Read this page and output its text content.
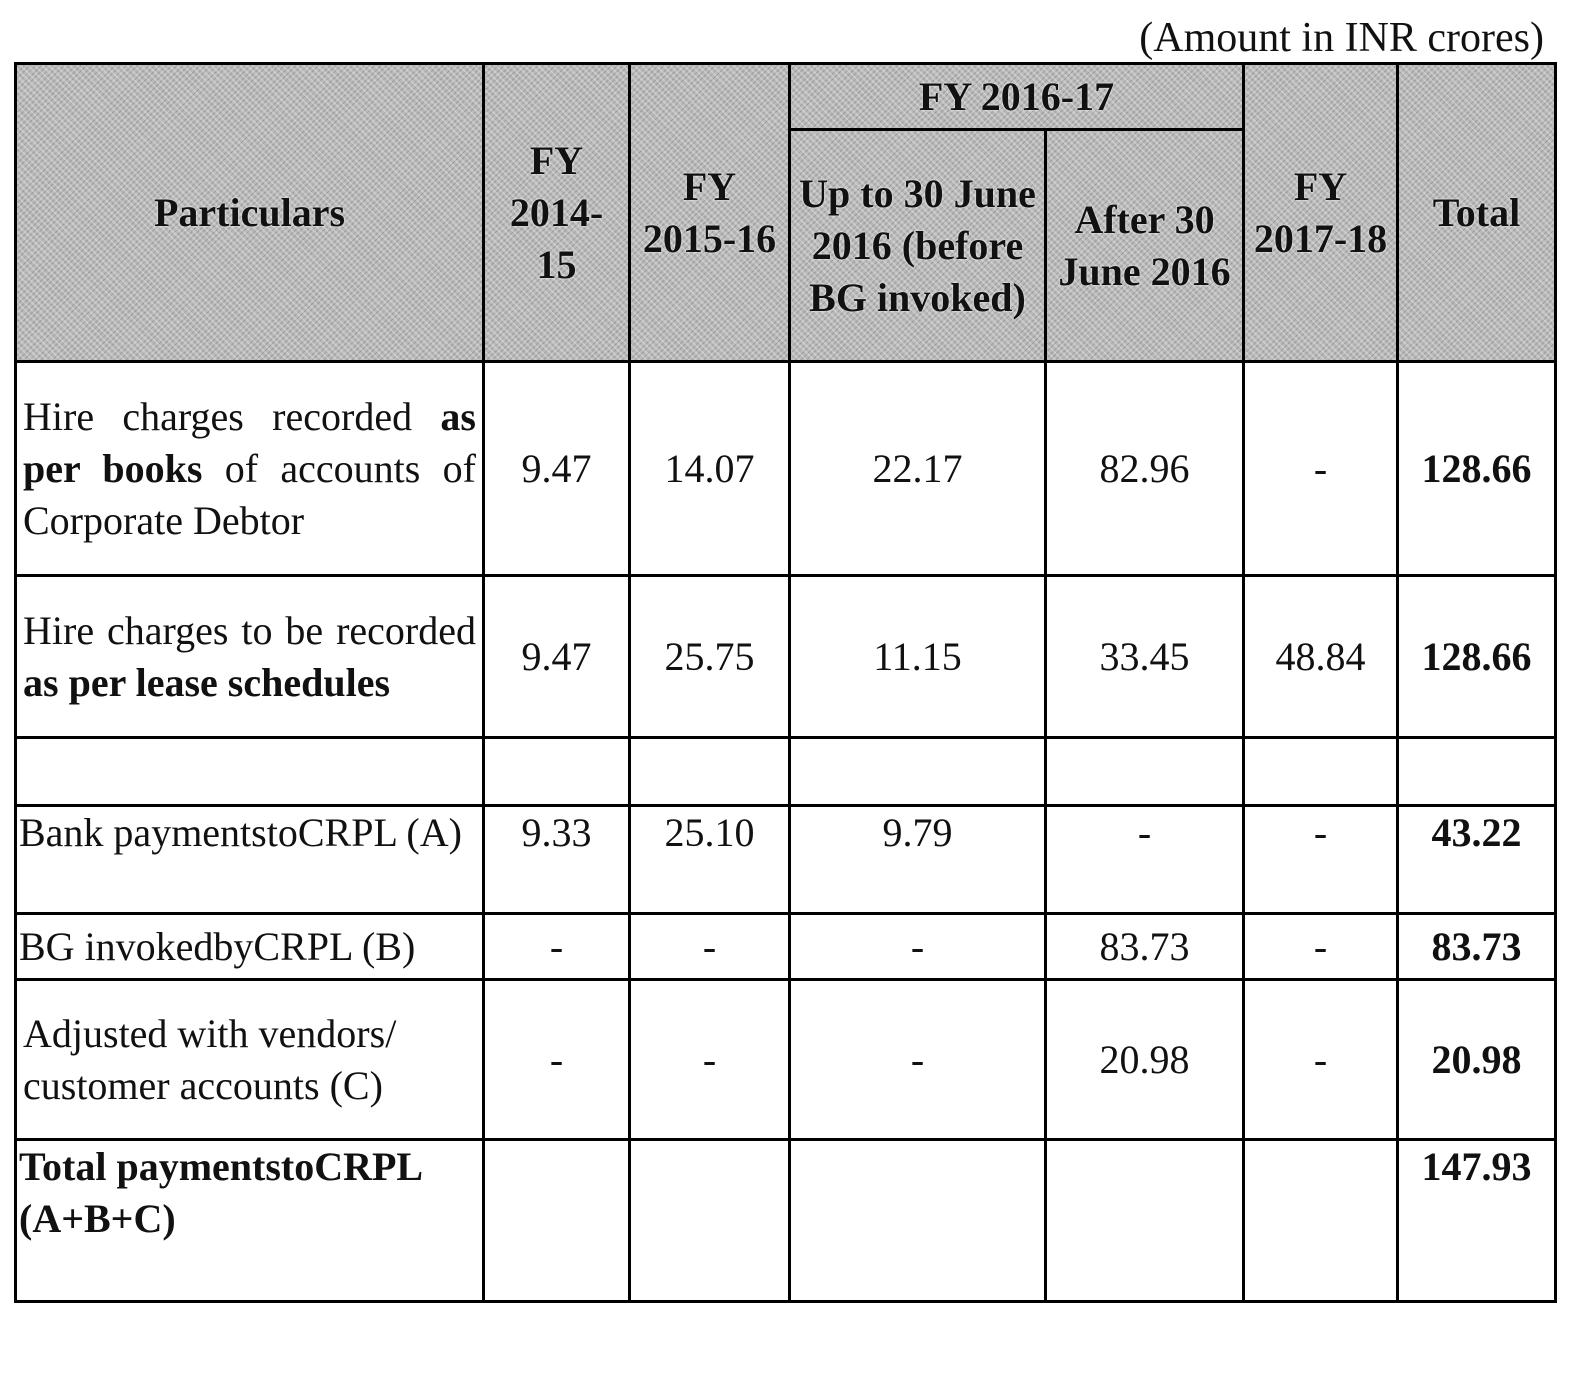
(Amount in INR crores)
Particulars	FY 2014-15	FY 2015-16	FY 2016-17		FY 2017-18	Total
			Up to 30 June 2016 (before BG invoked)	After 30 June 2016		
Hire charges recorded as per books of accounts of Corporate Debtor	9.47	14.07	22.17	82.96	-	128.66
Hire charges to be recorded as per lease schedules	9.47	25.75	11.15	33.45	48.84	128.66

Bank paymentstoCRPL (A)	9.33	25.10	9.79	-	-	43.22
BG invokedbyCRPL (B)	-	-	-	83.73	-	83.73
Adjusted with vendors/ customer accounts (C)	-	-	-	20.98	-	20.98
Total paymentstoCRPL (A+B+C)						147.93
